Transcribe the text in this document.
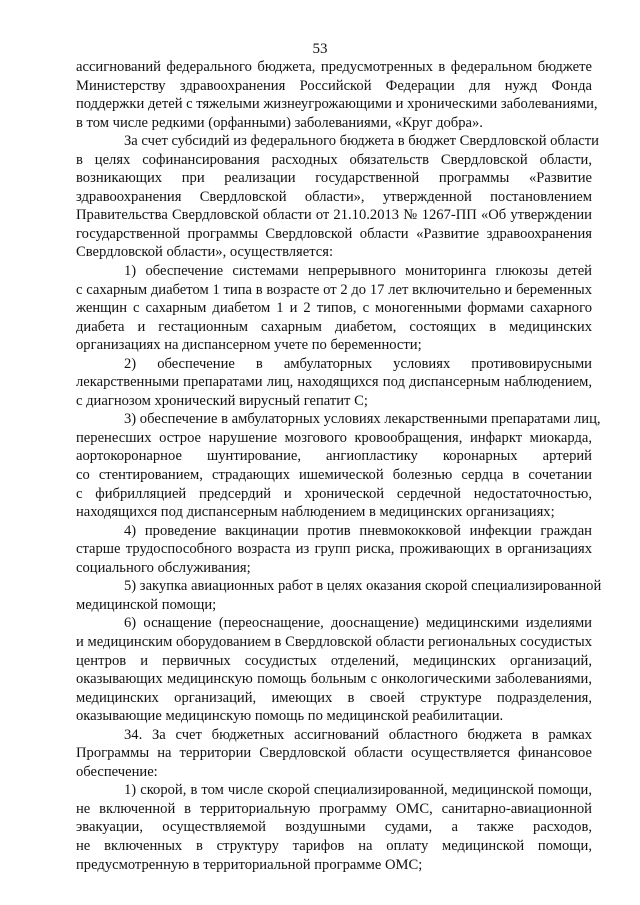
53
ассигнований федерального бюджета, предусмотренных в федеральном бюджете
Министерству здравоохранения Российской Федерации для нужд Фонда
поддержки детей с тяжелыми жизнеугрожающими и хроническими заболеваниями,
в том числе редкими (орфанными) заболеваниями, «Круг добра».
За счет субсидий из федерального бюджета в бюджет Свердловской области
в целях софинансирования расходных обязательств Свердловской области,
возникающих при реализации государственной программы «Развитие
здравоохранения Свердловской области», утвержденной постановлением
Правительства Свердловской области от 21.10.2013 № 1267-ПП «Об утверждении
государственной программы Свердловской области «Развитие здравоохранения
Свердловской области», осуществляется:
1) обеспечение системами непрерывного мониторинга глюкозы детей
с сахарным диабетом 1 типа в возрасте от 2 до 17 лет включительно и беременных
женщин с сахарным диабетом 1 и 2 типов, с моногенными формами сахарного
диабета и гестационным сахарным диабетом, состоящих в медицинских
организациях на диспансерном учете по беременности;
2) обеспечение в амбулаторных условиях противовирусными
лекарственными препаратами лиц, находящихся под диспансерным наблюдением,
с диагнозом хронический вирусный гепатит C;
3) обеспечение в амбулаторных условиях лекарственными препаратами лиц,
перенесших острое нарушение мозгового кровообращения, инфаркт миокарда,
аортокоронарное шунтирование, ангиопластику коронарных артерий
со стентированием, страдающих ишемической болезнью сердца в сочетании
с фибрилляцией предсердий и хронической сердечной недостаточностью,
находящихся под диспансерным наблюдением в медицинских организациях;
4) проведение вакцинации против пневмококковой инфекции граждан
старше трудоспособного возраста из групп риска, проживающих в организациях
социального обслуживания;
5) закупка авиационных работ в целях оказания скорой специализированной
медицинской помощи;
6) оснащение (переоснащение, дооснащение) медицинскими изделиями
и медицинским оборудованием в Свердловской области региональных сосудистых
центров и первичных сосудистых отделений, медицинских организаций,
оказывающих медицинскую помощь больным с онкологическими заболеваниями,
медицинских организаций, имеющих в своей структуре подразделения,
оказывающие медицинскую помощь по медицинской реабилитации.
34. За счет бюджетных ассигнований областного бюджета в рамках
Программы на территории Свердловской области осуществляется финансовое
обеспечение:
1) скорой, в том числе скорой специализированной, медицинской помощи,
не включенной в территориальную программу ОМС, санитарно-авиационной
эвакуации, осуществляемой воздушными судами, а также расходов,
не включенных в структуру тарифов на оплату медицинской помощи,
предусмотренную в территориальной программе ОМС;
